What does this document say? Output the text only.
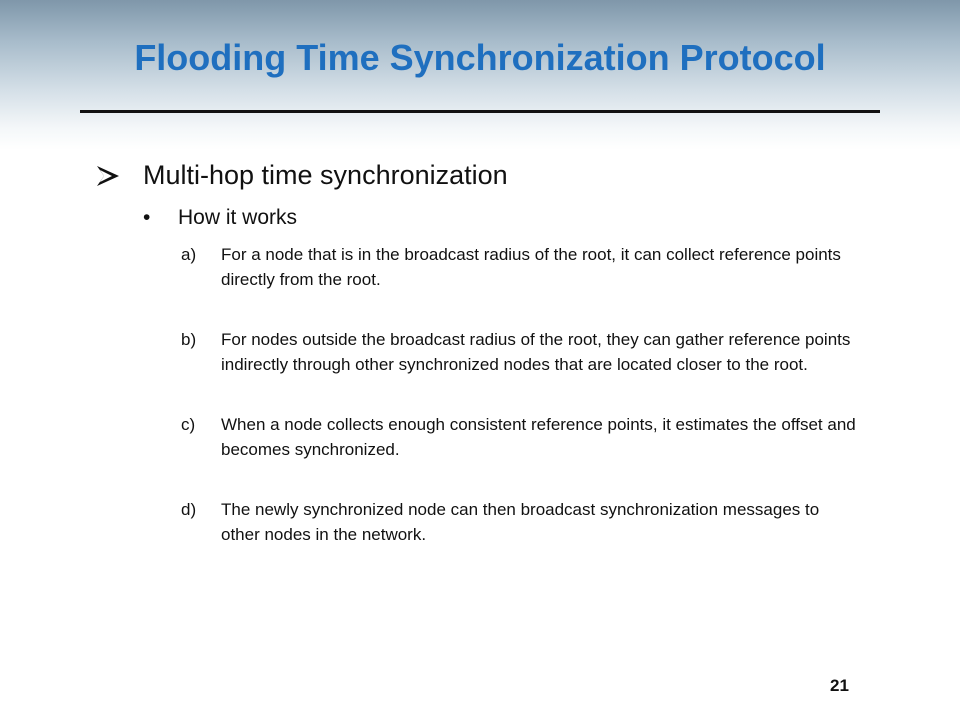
Flooding Time Synchronization Protocol
Multi-hop time synchronization
• How it works
a)	For a node that is in the broadcast radius of the root, it can collect reference points directly from the root.
b)	For nodes outside the broadcast radius of the root, they can gather reference points indirectly through other synchronized nodes that are located closer to the root.
c)	When a node collects enough consistent reference points, it estimates the offset and becomes synchronized.
d)	The newly synchronized node can then broadcast synchronization messages to other nodes in the network.
21
